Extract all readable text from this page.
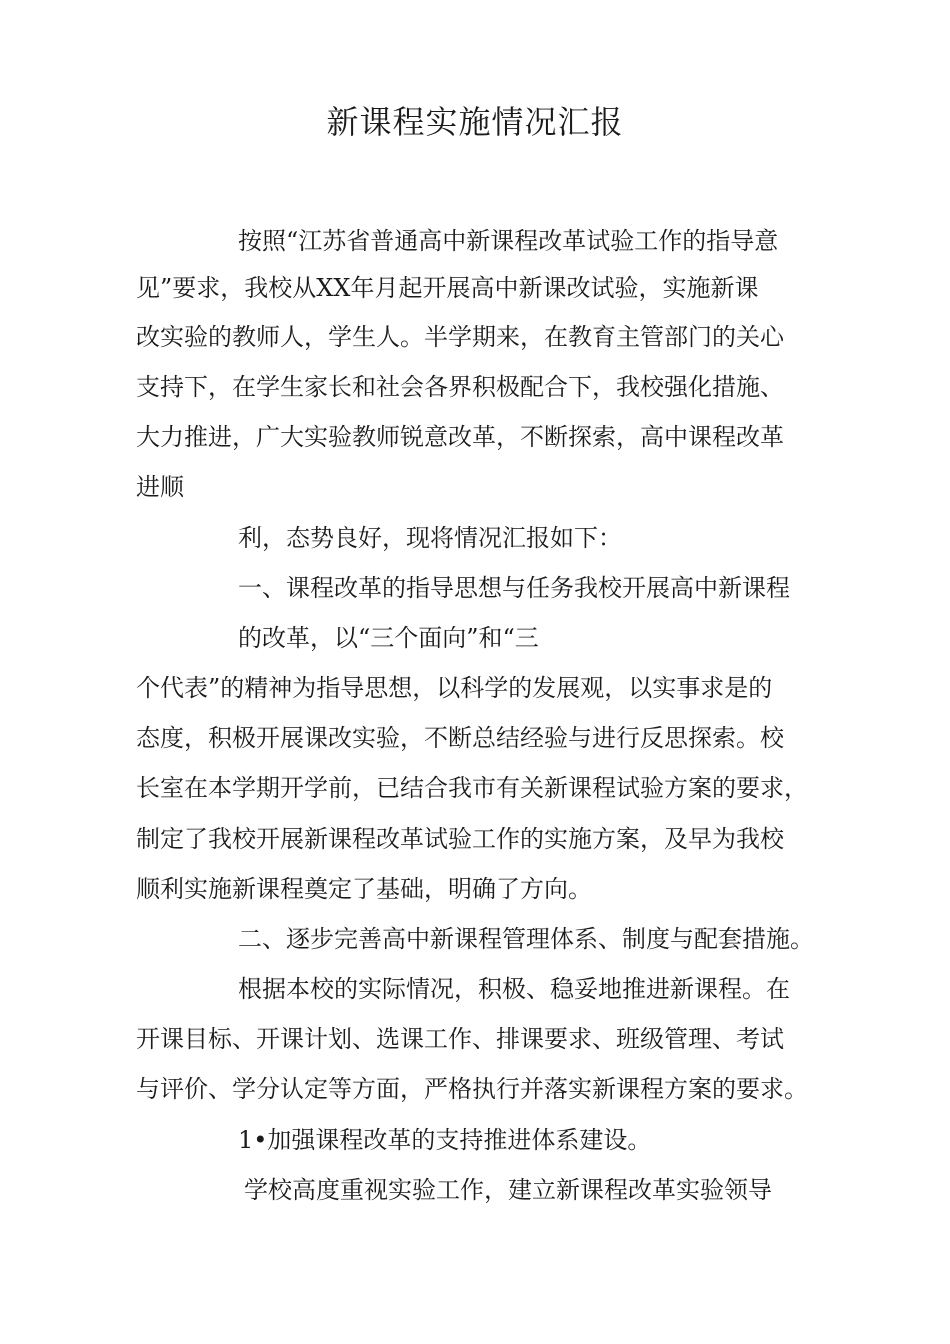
新课程实施情况汇报

按照“江苏省普通高中新课程改革试验工作的指导意

见”要求，我校从XX年月起开展高中新课改试验，实施新课

改实验的教师人，学生人。半学期来，在教育主管部门的关心

支持下，在学生家长和社会各界积极配合下，我校强化措施、

大力推进，广大实验教师锐意改革，不断探索，高中课程改革

进顺

利，态势良好，现将情况汇报如下：

一、课程改革的指导思想与任务我校开展高中新课程

的改革，以“三个面向”和“三

个代表”的精神为指导思想，以科学的发展观，以实事求是的

态度，积极开展课改实验，不断总结经验与进行反思探索。校

长室在本学期开学前，已结合我市有关新课程试验方案的要求，

制定了我校开展新课程改革试验工作的实施方案，及早为我校

顺利实施新课程奠定了基础，明确了方向。

二、逐步完善高中新课程管理体系、制度与配套措施。

根据本校的实际情况，积极、稳妥地推进新课程。在

开课目标、开课计划、选课工作、排课要求、班级管理、考试

与评价、学分认定等方面，严格执行并落实新课程方案的要求。

1•加强课程改革的支持推进体系建设。

学校高度重视实验工作，建立新课程改革实验领导
